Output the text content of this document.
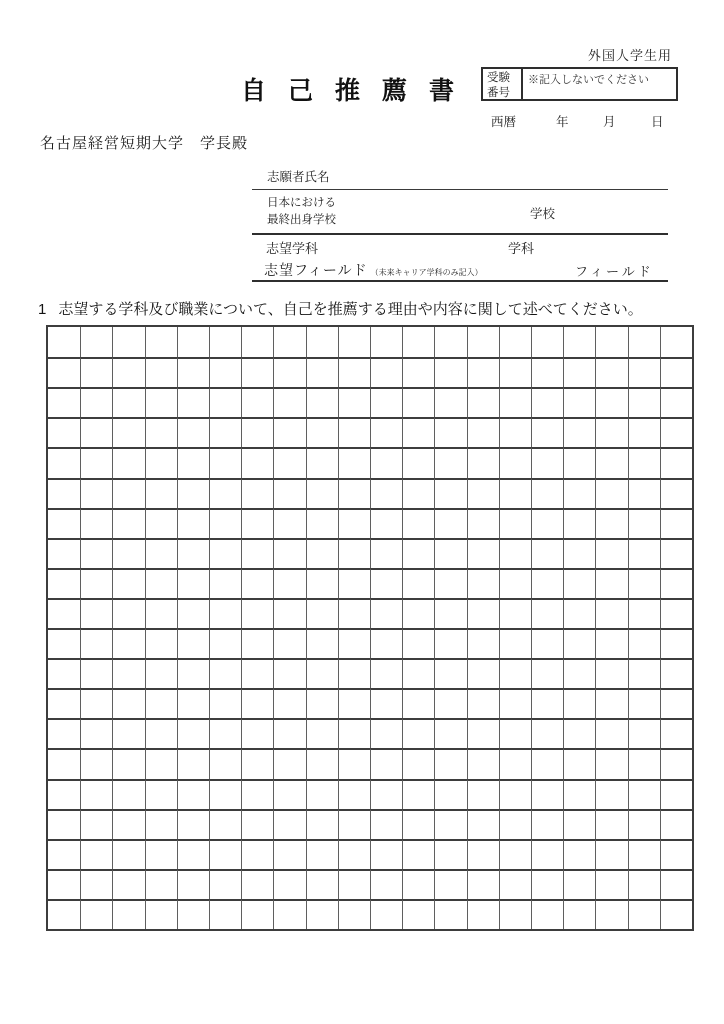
外国人学生用
自己推薦書 受験
番号
※記入しないでください
西暦	年	月	日
名古屋経営短期大学　学長殿
志願者氏名
日本における
最終出身学校	学校
志望学科	学科
志望フィールド （未来キャリア学科のみ記入）	フィールド
1 志望する学科及び職業について、自己を推薦する理由や内容に関して述べてください。
